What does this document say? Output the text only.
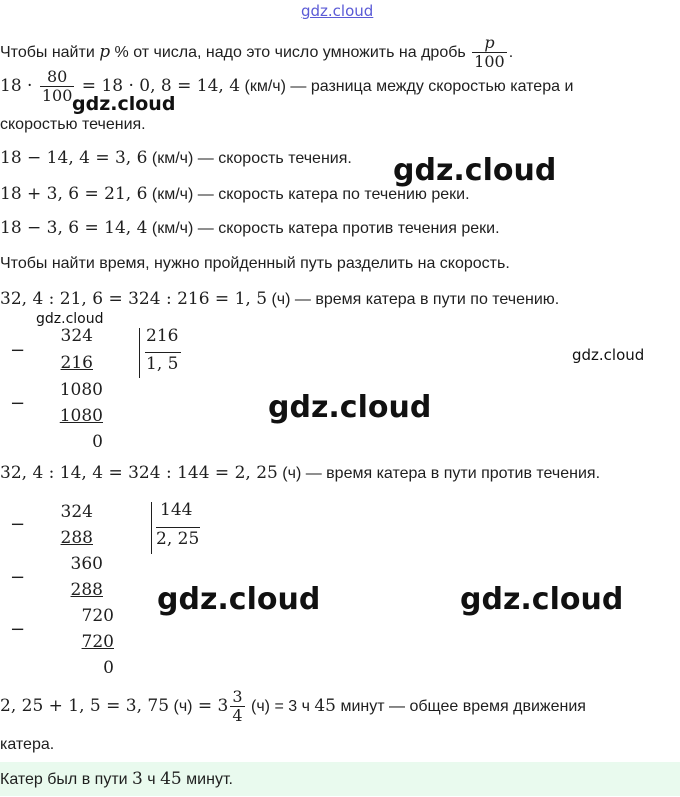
gdz.cloud
gdz.cloud
gdz.cloud
gdz.cloud
gdz.cloud
gdz.cloud
gdz.cloud	gdz.cloud
Чтобы найти p % от числа, надо это число умножить на дробь $\frac{p}{100}$ .
$18 \cdot \frac{80}{100} = 18 \cdot 0$, 8 = 14, 4 (км/ч) — разница между скоростью катера и
скоростью течения.
18 − 14, 4 = 3, 6 (км/ч) — скорость течения.
18 + 3, 6 = 21, 6 (км/ч) — скорость катера по течению реки.
18 − 3, 6 = 14, 4 (км/ч) — скорость катера против течения реки.
Чтобы найти время, нужно пройденный путь разделить на скорость.
32, 4 : 21, 6 = 324 : 216 = 1, 5 (ч) — время катера в пути по течению.
−
−
324
216
1080
1080
0
216
1, 5
32, 4 : 14, 4 = 324 : 144 = 2, 25 (ч) — время катера в пути против течения.
−
−
−
324
288
360
288
720
720
0
144
2, 25
2, 25 + 1, 5 = 3, 75 $(ч) = 3 \frac{3}{4} (ч) = 3$ ч 45 минут — общее время движения
катера.
Катер был в пути 3 ч 45 минут.
